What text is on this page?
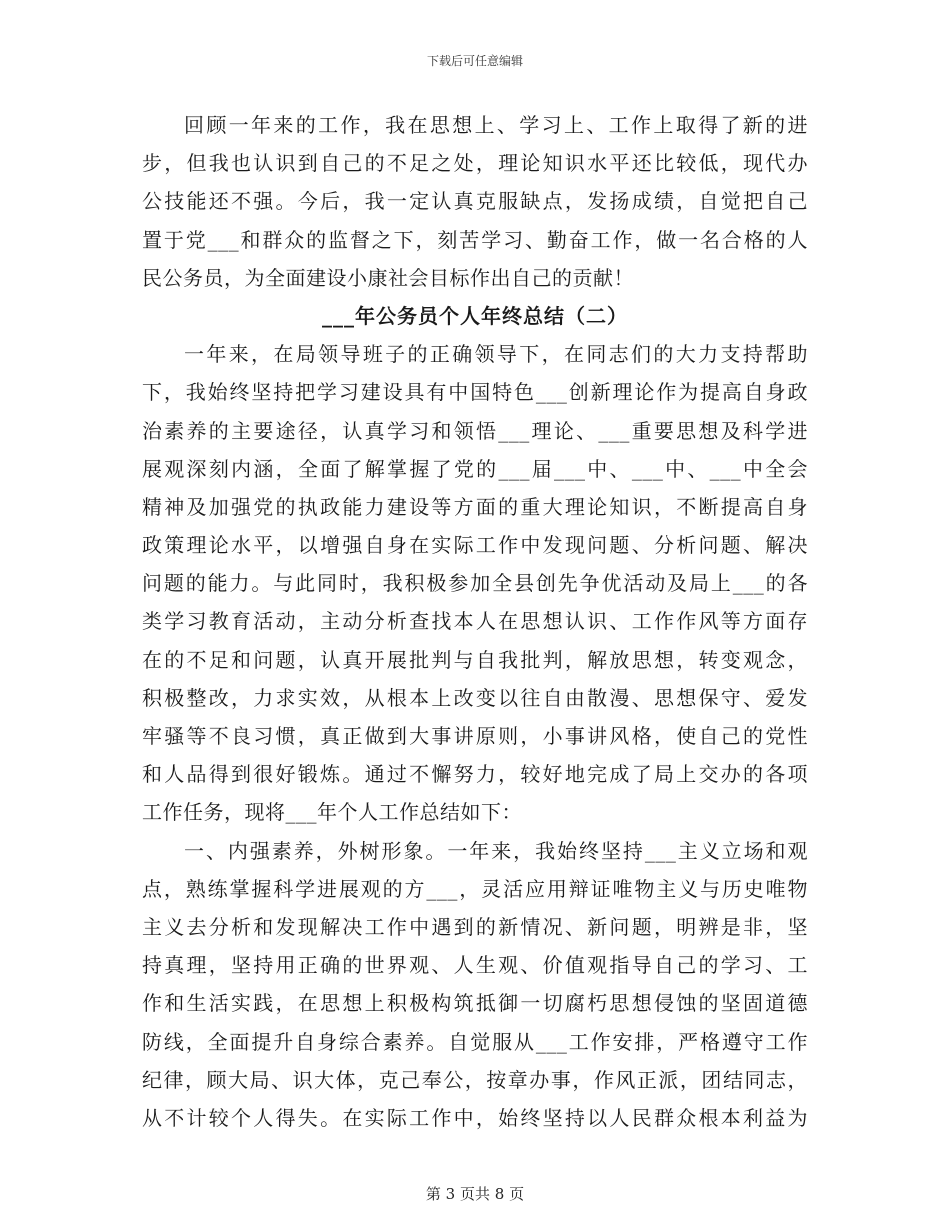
下载后可任意编辑
回顾一年来的工作，我在思想上、学习上、工作上取得了新的进
步，但我也认识到自己的不足之处，理论知识水平还比较低，现代办
公技能还不强。今后，我一定认真克服缺点，发扬成绩，自觉把自己
置于党___和群众的监督之下，刻苦学习、勤奋工作，做一名合格的人
民公务员，为全面建设小康社会目标作出自己的贡献！
___年公务员个人年终总结（二）
一年来，在局领导班子的正确领导下，在同志们的大力支持帮助
下，我始终坚持把学习建设具有中国特色___创新理论作为提高自身政
治素养的主要途径，认真学习和领悟___理论、___重要思想及科学进
展观深刻内涵，全面了解掌握了党的___届___中、___中、___中全会
精神及加强党的执政能力建设等方面的重大理论知识，不断提高自身
政策理论水平，以增强自身在实际工作中发现问题、分析问题、解决
问题的能力。与此同时，我积极参加全县创先争优活动及局上___的各
类学习教育活动，主动分析查找本人在思想认识、工作作风等方面存
在的不足和问题，认真开展批判与自我批判，解放思想，转变观念，
积极整改，力求实效，从根本上改变以往自由散漫、思想保守、爱发
牢骚等不良习惯，真正做到大事讲原则，小事讲风格，使自己的党性
和人品得到很好锻炼。通过不懈努力，较好地完成了局上交办的各项
工作任务，现将___年个人工作总结如下：
一、内强素养，外树形象。一年来，我始终坚持___主义立场和观
点，熟练掌握科学进展观的方___，灵活应用辩证唯物主义与历史唯物
主义去分析和发现解决工作中遇到的新情况、新问题，明辨是非，坚
持真理，坚持用正确的世界观、人生观、价值观指导自己的学习、工
作和生活实践，在思想上积极构筑抵御一切腐朽思想侵蚀的坚固道德
防线，全面提升自身综合素养。自觉服从___工作安排，严格遵守工作
纪律，顾大局、识大体，克己奉公，按章办事，作风正派，团结同志，
从不计较个人得失。在实际工作中，始终坚持以人民群众根本利益为
第 3 页共 8 页
